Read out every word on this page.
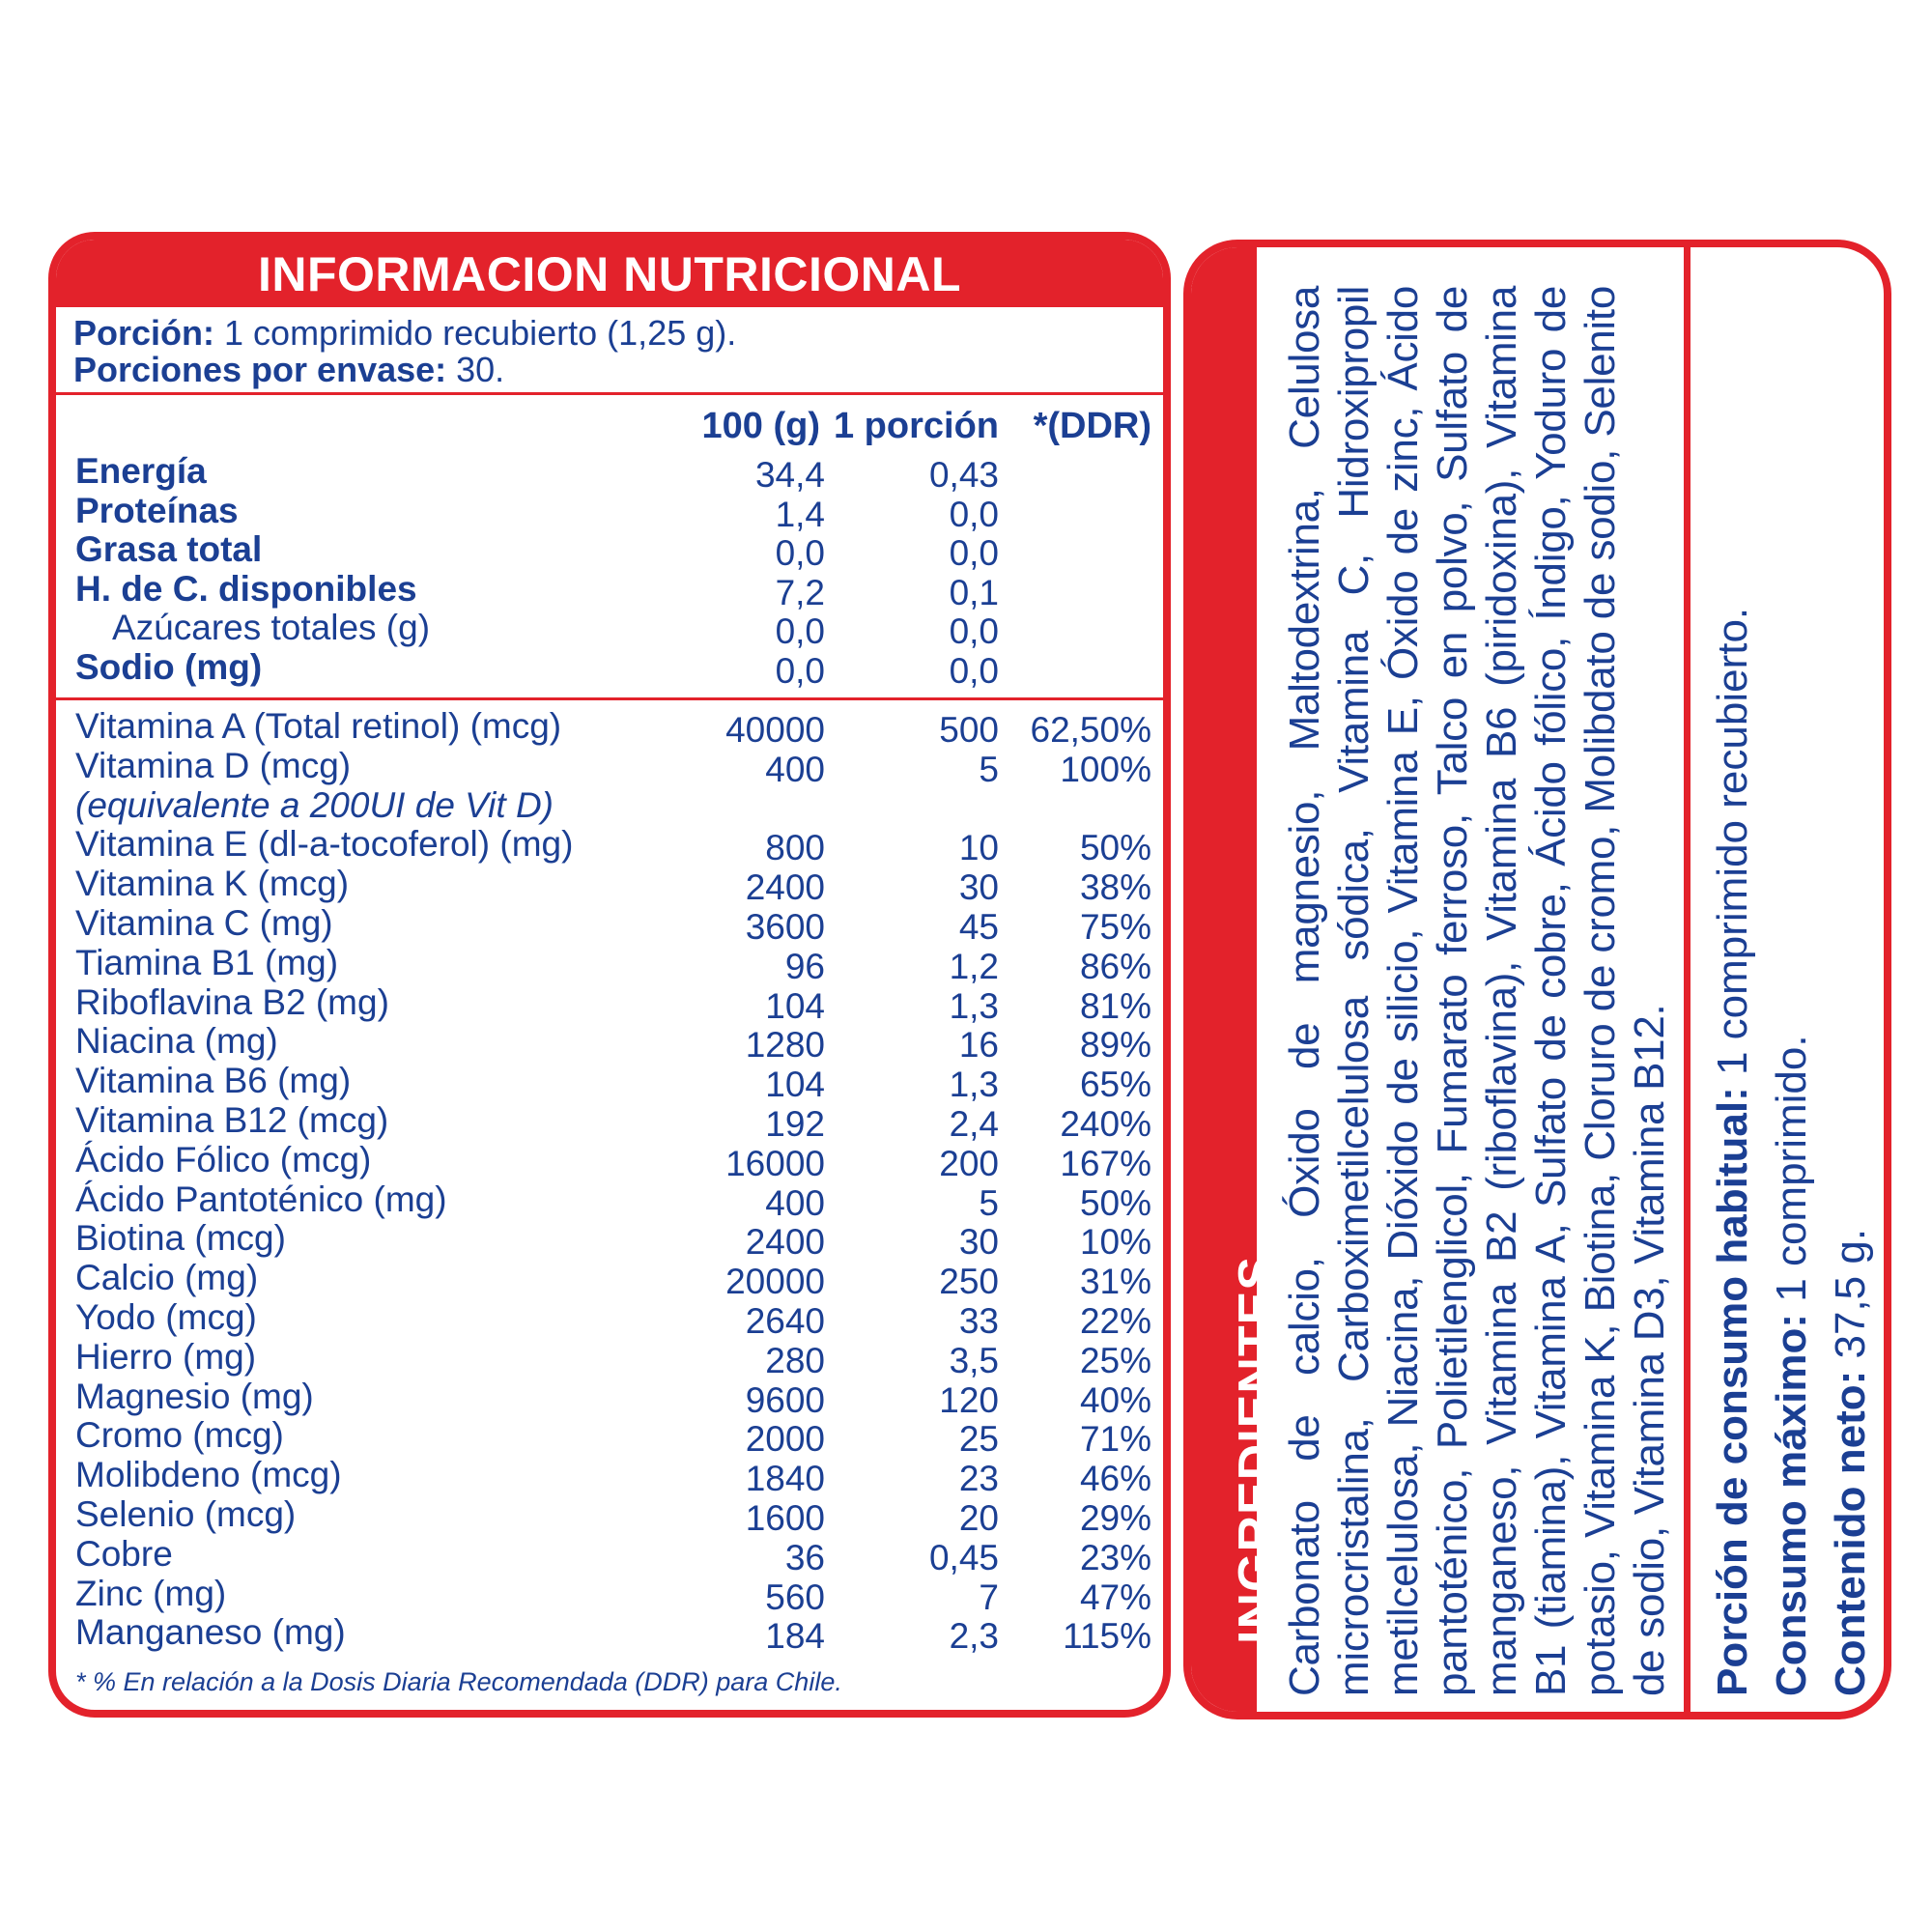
INFORMACION NUTRICIONAL
Porción: 1 comprimido recubierto (1,25 g).
Porciones por envase: 30.
100 (g) 1 porción *(DDR)
Energía	34,4	0,43
Proteínas	1,4	0,0
Grasa total	0,0	0,0
H. de C. disponibles	7,2	0,1
Azúcares totales (g)	0,0	0,0
Sodio (mg)	0,0	0,0
Vitamina A (Total retinol) (mcg)	40000	500 62,50%
Vitamina D (mcg)	400	5 100%
(equivalente a 200UI de Vit D)
Vitamina E (dl-a-tocoferol) (mg)	800	10 50%
Vitamina K (mcg)	2400	30 38%
Vitamina C (mg)	3600	45 75%
Tiamina B1 (mg)	96	1,2 86%
Riboflavina B2 (mg)	104	1,3 81%
Niacina (mg)	1280	16 89%
Vitamina B6 (mg)	104	1,3 65%
Vitamina B12 (mcg)	192	2,4 240%
Ácido Fólico (mcg)	16000	200 167%
Ácido Pantoténico (mg)	400	5 50%
Biotina (mcg)	2400	30 10%
Calcio (mg)	20000	250 31%
Yodo (mcg)	2640	33 22%
Hierro (mg)	280	3,5 25%
Magnesio (mg)	9600	120 40%
Cromo (mcg)	2000	25 71%
Molibdeno (mcg)	1840	23 46%
Selenio (mcg)	1600	20 29%
Cobre	36	0,45 23%
Zinc (mg)	560	7 47%
Manganeso (mg)	184	2,3 115%
* % En relación a la Dosis Diaria Recomendada (DDR) para Chile.
INGREDIENTES
Carbonato de calcio, Óxido de magnesio, Maltodextrina, Celulosa microcristalina, Carboximetilcelulosa sódica, Vitamina C, Hidroxipropil metilcelulosa, Niacina, Dióxido de silicio, Vitamina E, Óxido de zinc, Ácido pantoténico, Polietilenglicol, Fumarato ferroso, Talco en polvo, Sulfato de manganeso, Vitamina B2 (riboflavina), Vitamina B6 (piridoxina), Vitamina B1 (tiamina), Vitamina A, Sulfato de cobre, Ácido fólico, Índigo, Yoduro de potasio, Vitamina K, Biotina, Cloruro de cromo, Molibdato de sodio, Selenito de sodio, Vitamina D3, Vitamina B12. Porción de consumo habitual: 1 comprimido recubierto.
Consumo máximo: 1 comprimido.
Contenido neto: 37,5 g.
